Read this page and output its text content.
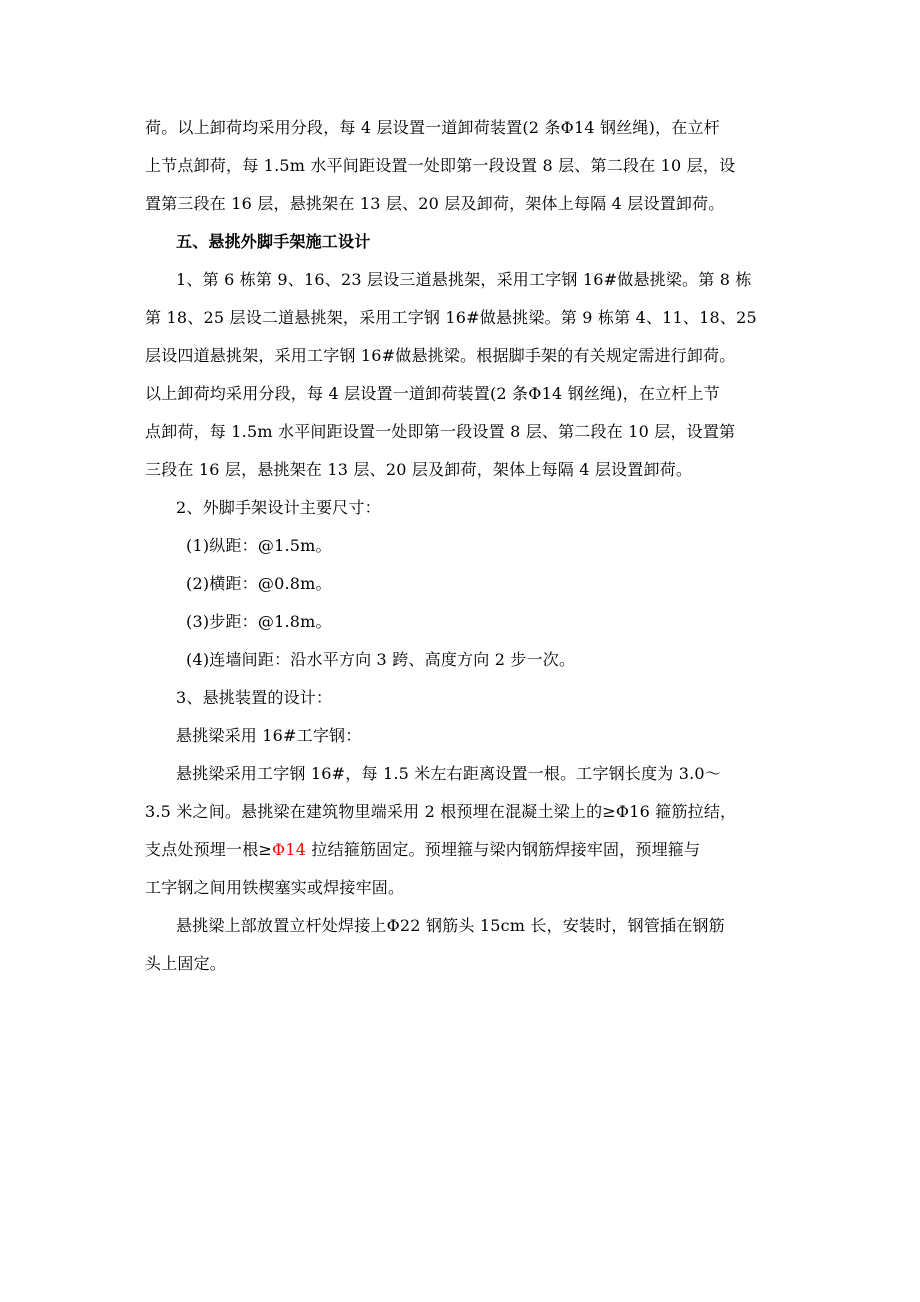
荷。以上卸荷均采用分段，每 4 层设置一道卸荷装置(2 条Φ14 钢丝绳)，在立杆
上节点卸荷，每 1.5m 水平间距设置一处即第一段设置 8 层、第二段在 10 层，设
置第三段在 16 层，悬挑架在 13 层、20 层及卸荷，架体上每隔 4 层设置卸荷。
五、悬挑外脚手架施工设计
1、第 6 栋第 9、16、23 层设三道悬挑架，采用工字钢 16#做悬挑梁。第 8 栋
第 18、25 层设二道悬挑架，采用工字钢 16#做悬挑梁。第 9 栋第 4、11、18、25
层设四道悬挑架，采用工字钢 16#做悬挑梁。根据脚手架的有关规定需进行卸荷。
以上卸荷均采用分段，每 4 层设置一道卸荷装置(2 条Φ14 钢丝绳)，在立杆上节
点卸荷，每 1.5m 水平间距设置一处即第一段设置 8 层、第二段在 10 层，设置第
三段在 16 层，悬挑架在 13 层、20 层及卸荷，架体上每隔 4 层设置卸荷。
2、外脚手架设计主要尺寸：
(1)纵距：@1.5m。
(2)横距：@0.8m。
(3)步距：@1.8m。
(4)连墙间距：沿水平方向 3 跨、高度方向 2 步一次。
3、悬挑装置的设计：
悬挑梁采用 16#工字钢：
悬挑梁采用工字钢 16#，每 1.5 米左右距离设置一根。工字钢长度为 3.0～
3.5 米之间。悬挑梁在建筑物里端采用 2 根预埋在混凝土梁上的≥Φ16 箍筋拉结，
支点处预埋一根≥Φ14 拉结箍筋固定。预埋箍与梁内钢筋焊接牢固，预埋箍与
工字钢之间用铁楔塞实或焊接牢固。
悬挑梁上部放置立杆处焊接上Φ22 钢筋头 15cm 长，安装时，钢管插在钢筋
头上固定。
